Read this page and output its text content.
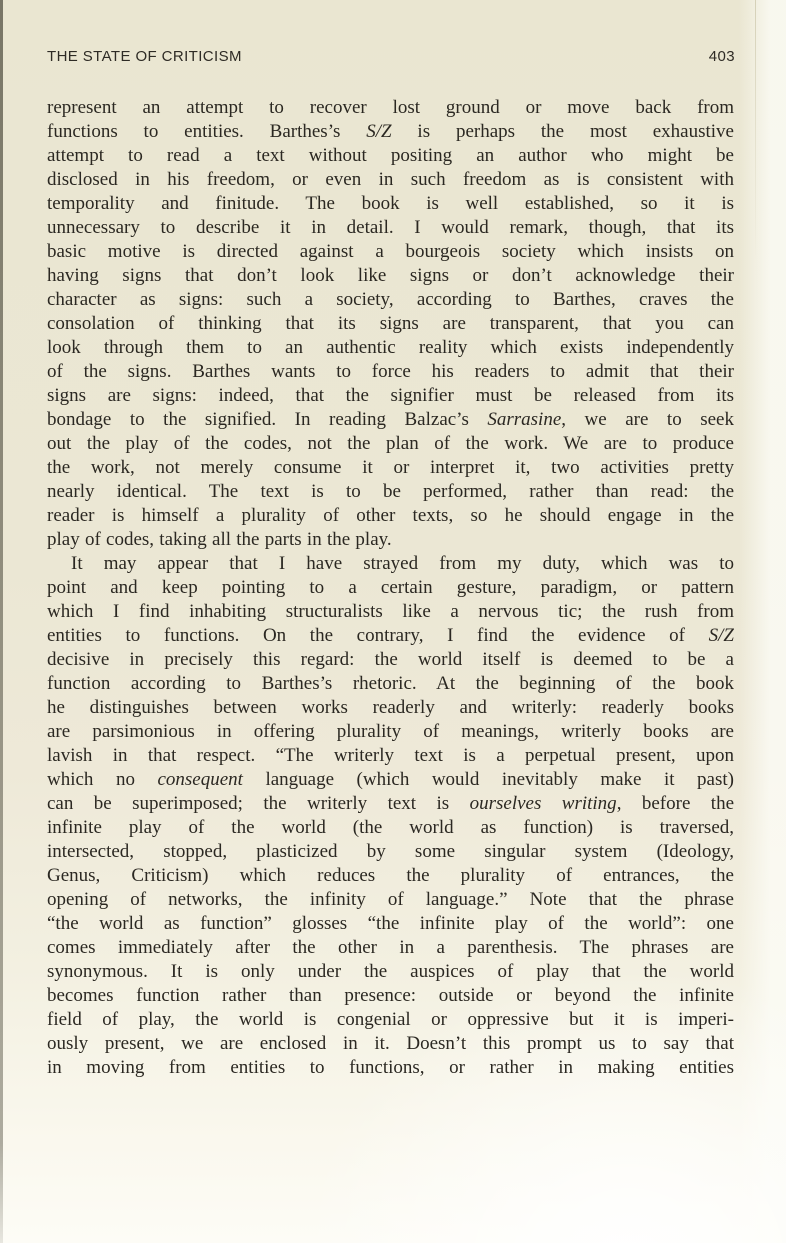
THE STATE OF CRITICISM	403
represent an attempt to recover lost ground or move back from
functions to entities. Barthes’s S/Z is perhaps the most exhaustive
attempt to read a text without positing an author who might be
disclosed in his freedom, or even in such freedom as is consistent with
temporality and finitude. The book is well established, so it is
unnecessary to describe it in detail. I would remark, though, that its
basic motive is directed against a bourgeois society which insists on
having signs that don’t look like signs or don’t acknowledge their
character as signs: such a society, according to Barthes, craves the
consolation of thinking that its signs are transparent, that you can
look through them to an authentic reality which exists independently
of the signs. Barthes wants to force his readers to admit that their
signs are signs: indeed, that the signifier must be released from its
bondage to the signified. In reading Balzac’s Sarrasine, we are to seek
out the play of the codes, not the plan of the work. We are to produce
the work, not merely consume it or interpret it, two activities pretty
nearly identical. The text is to be performed, rather than read: the
reader is himself a plurality of other texts, so he should engage in the
play of codes, taking all the parts in the play.
It may appear that I have strayed from my duty, which was to
point and keep pointing to a certain gesture, paradigm, or pattern
which I find inhabiting structuralists like a nervous tic; the rush from
entities to functions. On the contrary, I find the evidence of S/Z
decisive in precisely this regard: the world itself is deemed to be a
function according to Barthes’s rhetoric. At the beginning of the book
he distinguishes between works readerly and writerly: readerly books
are parsimonious in offering plurality of meanings, writerly books are
lavish in that respect. “The writerly text is a perpetual present, upon
which no consequent language (which would inevitably make it past)
can be superimposed; the writerly text is ourselves writing, before the
infinite play of the world (the world as function) is traversed,
intersected, stopped, plasticized by some singular system (Ideology,
Genus, Criticism) which reduces the plurality of entrances, the
opening of networks, the infinity of language.” Note that the phrase
“the world as function” glosses “the infinite play of the world”: one
comes immediately after the other in a parenthesis. The phrases are
synonymous. It is only under the auspices of play that the world
becomes function rather than presence: outside or beyond the infinite
field of play, the world is congenial or oppressive but it is imperi-
ously present, we are enclosed in it. Doesn’t this prompt us to say that
in moving from entities to functions, or rather in making entities
